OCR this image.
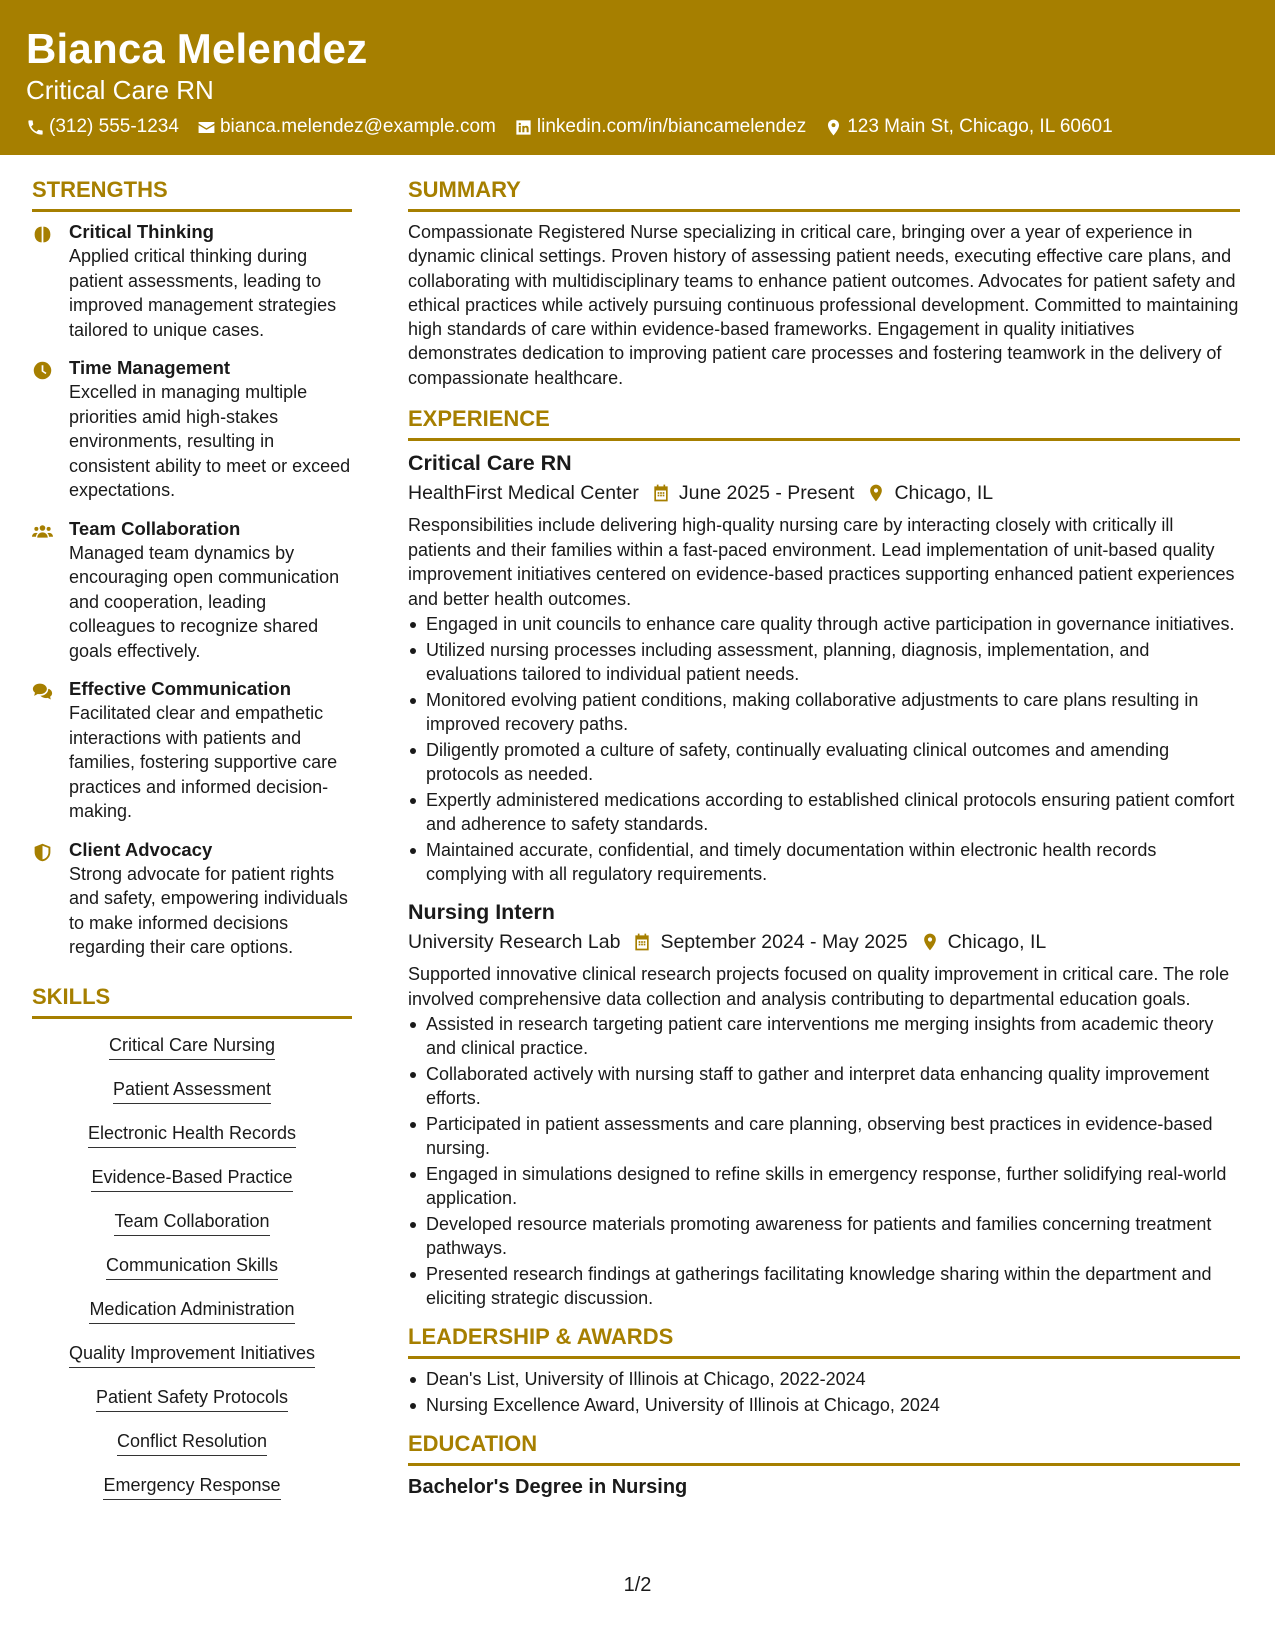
Bianca Melendez
Critical Care RN
(312) 555-1234 bianca.melendez@example.com linkedin.com/in/biancamelendez 123 Main St, Chicago, IL 60601
STRENGTHS
Critical Thinking
Applied critical thinking during patient assessments, leading to improved management strategies tailored to unique cases.
Time Management
Excelled in managing multiple priorities amid high-stakes environments, resulting in consistent ability to meet or exceed expectations.
Team Collaboration
Managed team dynamics by encouraging open communication and cooperation, leading colleagues to recognize shared goals effectively.
Effective Communication
Facilitated clear and empathetic interactions with patients and families, fostering supportive care practices and informed decision-making.
Client Advocacy
Strong advocate for patient rights and safety, empowering individuals to make informed decisions regarding their care options.
SKILLS
Critical Care Nursing
Patient Assessment
Electronic Health Records
Evidence-Based Practice
Team Collaboration
Communication Skills
Medication Administration
Quality Improvement Initiatives
Patient Safety Protocols
Conflict Resolution
Emergency Response
SUMMARY
Compassionate Registered Nurse specializing in critical care, bringing over a year of experience in dynamic clinical settings. Proven history of assessing patient needs, executing effective care plans, and collaborating with multidisciplinary teams to enhance patient outcomes. Advocates for patient safety and ethical practices while actively pursuing continuous professional development. Committed to maintaining high standards of care within evidence-based frameworks. Engagement in quality initiatives demonstrates dedication to improving patient care processes and fostering teamwork in the delivery of compassionate healthcare.
EXPERIENCE
Critical Care RN
HealthFirst Medical Center June 2025 - Present Chicago, IL
Responsibilities include delivering high-quality nursing care by interacting closely with critically ill patients and their families within a fast-paced environment. Lead implementation of unit-based quality improvement initiatives centered on evidence-based practices supporting enhanced patient experiences and better health outcomes.
Engaged in unit councils to enhance care quality through active participation in governance initiatives.
Utilized nursing processes including assessment, planning, diagnosis, implementation, and evaluations tailored to individual patient needs.
Monitored evolving patient conditions, making collaborative adjustments to care plans resulting in improved recovery paths.
Diligently promoted a culture of safety, continually evaluating clinical outcomes and amending protocols as needed.
Expertly administered medications according to established clinical protocols ensuring patient comfort and adherence to safety standards.
Maintained accurate, confidential, and timely documentation within electronic health records complying with all regulatory requirements.
Nursing Intern
University Research Lab September 2024 - May 2025 Chicago, IL
Supported innovative clinical research projects focused on quality improvement in critical care. The role involved comprehensive data collection and analysis contributing to departmental education goals.
Assisted in research targeting patient care interventions me merging insights from academic theory and clinical practice.
Collaborated actively with nursing staff to gather and interpret data enhancing quality improvement efforts.
Participated in patient assessments and care planning, observing best practices in evidence-based nursing.
Engaged in simulations designed to refine skills in emergency response, further solidifying real-world application.
Developed resource materials promoting awareness for patients and families concerning treatment pathways.
Presented research findings at gatherings facilitating knowledge sharing within the department and eliciting strategic discussion.
LEADERSHIP & AWARDS
Dean's List, University of Illinois at Chicago, 2022-2024
Nursing Excellence Award, University of Illinois at Chicago, 2024
EDUCATION
Bachelor's Degree in Nursing
1/2
